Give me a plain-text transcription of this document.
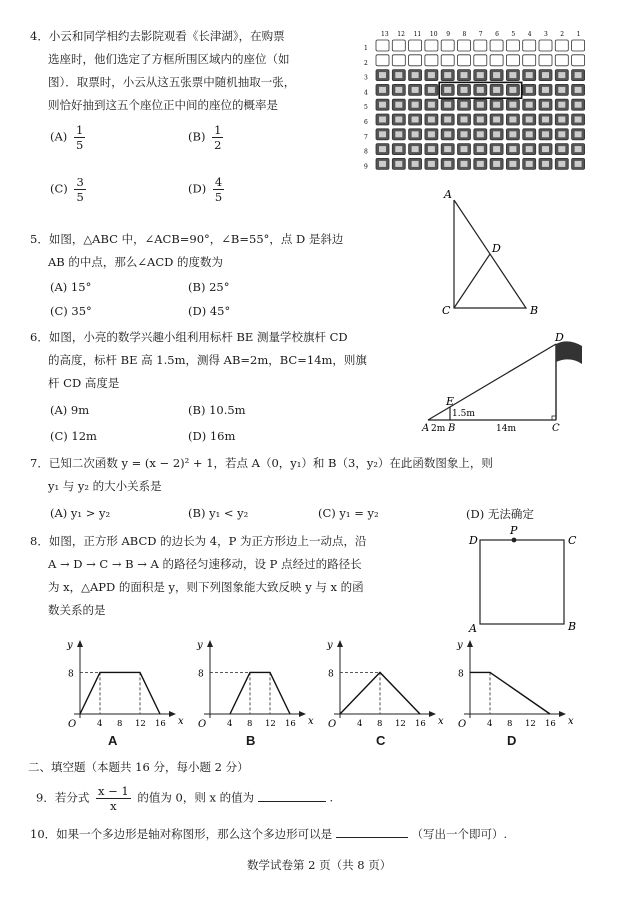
4．小云和同学相约去影院观看《长津湖》，在购票
选座时，他们选定了方框所围区域内的座位（如
图）．取票时，小云从这五张票中随机抽取一张，
则恰好抽到这五个座位正中间的座位的概率是
$(A) \frac{1}{5}$	$(B) \frac{1}{2}$
$(C) \frac{3}{5}$	$(D) \frac{4}{5}$
13 12 11 10 9 8 7 6 5 4 3 2 1
1
2
3
4
5
6
7
8
9
5．如图，△ABC 中，∠ACB=90°，∠B=55°，点 D 是斜边
AB 的中点，那么∠ACD 的度数为
(A) 15°	(B) 25°
(C) 35°	(D) 45°
A
D
C	B
6．如图，小亮的数学兴趣小组利用标杆 BE 测量学校旗杆 CD
的高度，标杆 BE 高 1.5m，测得 AB=2m，BC=14m，则旗
杆 CD 高度是
(A) 9m	(B) 10.5m
(C) 12m	(D) 16m
D
E
1.5m
A 2m B	14m	C
7．已知二次函数 y = (x − 2)² + 1，若点 A（0，y₁）和 B（3，y₂）在此函数图象上，则
y₁ 与 y₂ 的大小关系是
(A) y₁ > y₂	(B) y₁ < y₂	(C) y₁ = y₂	(D) 无法确定
8．如图，正方形 ABCD 的边长为 4，P 为正方形边上一动点，沿
A → D → C → B → A 的路径匀速移动，设 P 点经过的路径长
为 x，△APD 的面积是 y，则下列图象能大致反映 y 与 x 的函
数关系的是
P
D	C
A	B
y
x
O
8
4 8 12 16
y
x
O
8
4 8 12 16
y
x
O
8
4 8 12 16
y
x
O
8
4 8 12 16
A	B	C	D
二、填空题（本题共 16 分，每小题 2 分）
9．若分式 $\frac{x - 1}{x}$ 的值为 0，则 x 的值为	.
10．如果一个多边形是轴对称图形，那么这个多边形可以是	（写出一个即可）.
数学试卷第 2 页（共 8 页）
